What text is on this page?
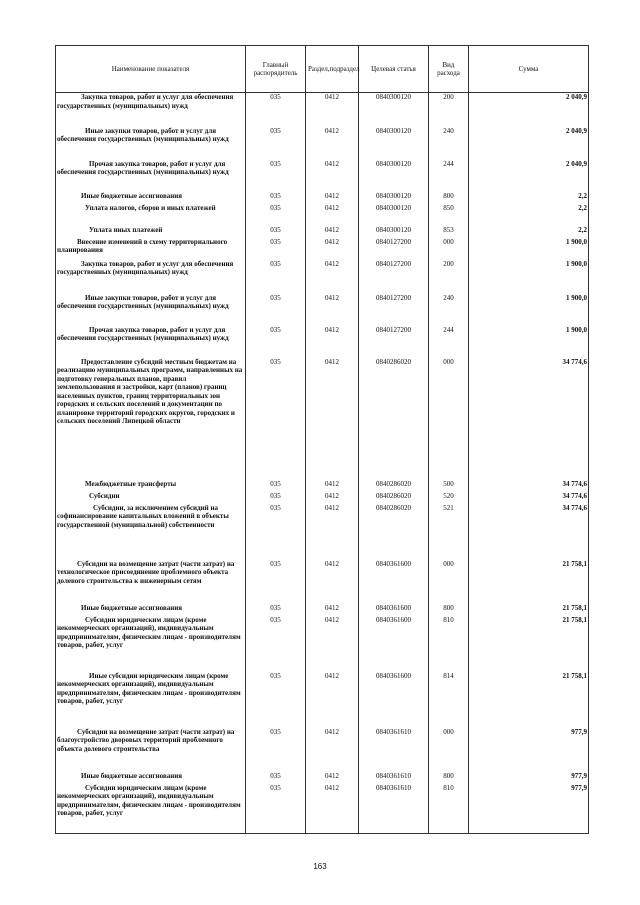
Наименование показателя	Главный распорядитель	Раздел,подраздел	Целевая статья	Вид расхода	Сумма
Закупка товаров, работ и услуг для обеспечения государственных (муниципальных) нужд	035	0412	0840300120	200	2 040,9
Иные закупки товаров, работ и услуг для обеспечения государственных (муниципальных) нужд	035	0412	0840300120	240	2 040,9
Прочая закупка товаров, работ и услуг для обеспечения государственных (муниципальных) нужд	035	0412	0840300120	244	2 040,9
Иные бюджетные ассигнования	035	0412	0840300120	800	2,2
Уплата налогов, сборов и иных платежей	035	0412	0840300120	850	2,2
Уплата иных платежей	035	0412	0840300120	853	2,2
Внесение изменений в схему территориального планирования	035	0412	0840127200	000	1 900,0
Закупка товаров, работ и услуг для обеспечения государственных (муниципальных) нужд	035	0412	0840127200	200	1 900,0
Иные закупки товаров, работ и услуг для обеспечения государственных (муниципальных) нужд	035	0412	0840127200	240	1 900,0
Прочая закупка товаров, работ и услуг для обеспечения государственных (муниципальных) нужд	035	0412	0840127200	244	1 900,0
Предоставление субсидий местным бюджетам на реализацию муниципальных программ, направленных на подготовку генеральных планов, правил землепользования и застройки, карт (планов) границ населенных пунктов, границ территориальных зон городских и сельских поселений и документации по планировке территорий городских округов, городских и сельских поселений Липецкой области	035	0412	0840286020	000	34 774,6
Межбюджетные трансферты	035	0412	0840286020	500	34 774,6
Субсидии	035	0412	0840286020	520	34 774,6
Субсидии, за исключением субсидий на софинансирование капитальных вложений в объекты государственной (муниципальной) собственности	035	0412	0840286020	521	34 774,6
Субсидии на возмещение затрат (части затрат) на технологическое присоединение проблемного объекта долевого строительства к инженерным сетям	035	0412	0840361600	000	21 758,1
Иные бюджетные ассигнования	035	0412	0840361600	800	21 758,1
Субсидии юридическим лицам (кроме некоммерческих организаций), индивидуальным предпринимателям, физическим лицам - производителям товаров, работ, услуг	035	0412	0840361600	810	21 758,1
Иные субсидии юридическим лицам (кроме некоммерческих организаций), индивидуальным предпринимателям, физическим лицам - производителям товаров, работ, услуг	035	0412	0840361600	814	21 758,1
Субсидии на возмещение затрат (части затрат) на благоустройство дворовых территорий проблемного объекта долевого строительства	035	0412	0840361610	000	977,9
Иные бюджетные ассигнования	035	0412	0840361610	800	977,9
Субсидии юридическим лицам (кроме некоммерческих организаций), индивидуальным предпринимателям, физическим лицам - производителям товаров, работ, услуг	035	0412	0840361610	810	977,9
163
